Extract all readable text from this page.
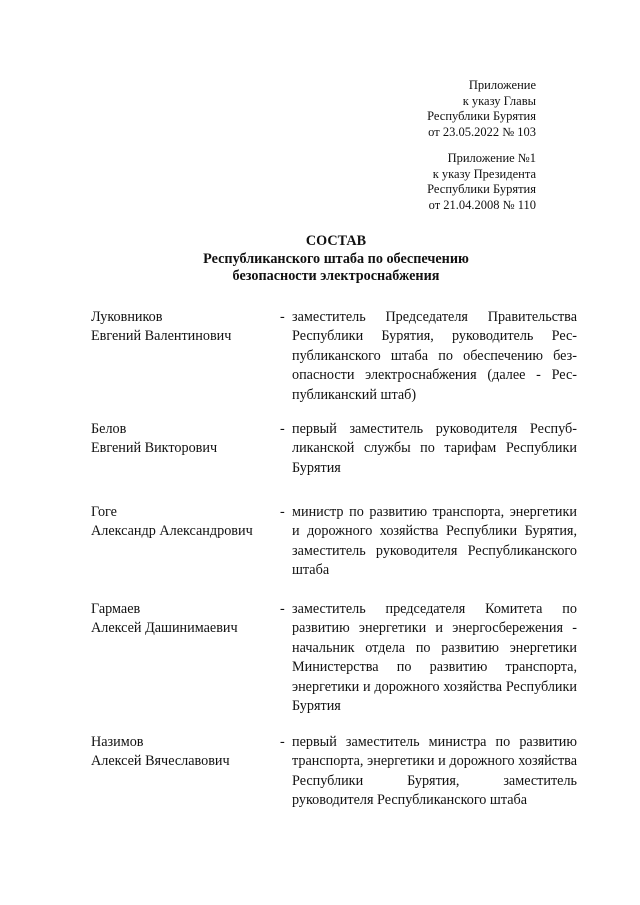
Приложение
к указу Главы
Республики Бурятия
от 23.05.2022 № 103
Приложение №1
к указу Президента
Республики Бурятия
от 21.04.2008 № 110
СОСТАВ
Республиканского штаба по обеспечению
безопасности электроснабжения
Луковников
Евгений Валентинович
- заместитель Председателя Правительства Республики Бурятия, руководитель Республиканского штаба по обеспечению безопасности электроснабжения (далее - Республиканский штаб)
Белов
Евгений Викторович
- первый заместитель руководителя Республиканской службы по тарифам Республики Бурятия
Гоге
Александр Александрович
- министр по развитию транспорта, энергетики и дорожного хозяйства Республики Бурятия, заместитель руководителя Республиканского штаба
Гармаев
Алексей Дашинимаевич
- заместитель председателя Комитета по развитию энергетики и энергосбережения - начальник отдела по развитию энергетики Министерства по развитию транспорта, энергетики и дорожного хозяйства Республики Бурятия
Назимов
Алексей Вячеславович
- первый заместитель министра по развитию транспорта, энергетики и дорожного хозяйства Республики Бурятия, заместитель руководителя Республиканского штаба
